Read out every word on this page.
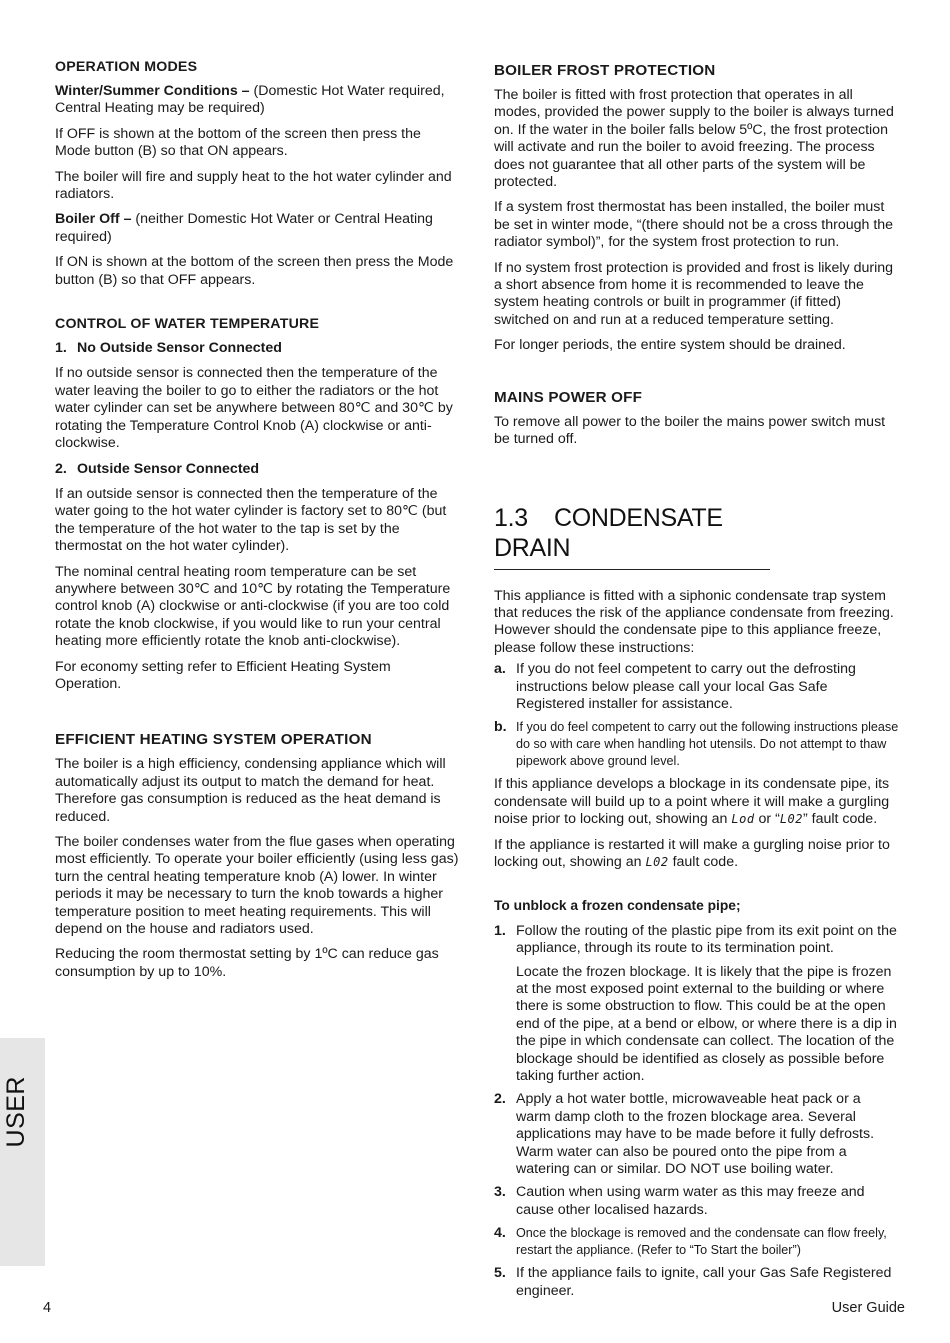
OPERATION MODES

Winter/Summer Conditions – (Domestic Hot Water required, Central Heating may be required)

If OFF is shown at the bottom of the screen then press the Mode button (B) so that ON appears.

The boiler will fire and supply heat to the hot water cylinder and radiators.

Boiler Off – (neither Domestic Hot Water or Central Heating required)

If ON is shown at the bottom of the screen then press the Mode button (B) so that OFF appears.

CONTROL OF WATER TEMPERATURE
1. No Outside Sensor Connected

If no outside sensor is connected then the temperature of the water leaving the boiler to go to either the radiators or the hot water cylinder can set be anywhere between 80℃ and 30℃ by rotating the Temperature Control Knob (A) clockwise or anti-clockwise.

2. Outside Sensor Connected

If an outside sensor is connected then the temperature of the water going to the hot water cylinder is factory set to 80℃ (but the temperature of the hot water to the tap is set by the thermostat on the hot water cylinder).

The nominal central heating room temperature can be set anywhere between 30℃ and 10℃ by rotating the Temperature control knob (A) clockwise or anti-clockwise (if you are too cold rotate the knob clockwise, if you would like to run your central heating more efficiently rotate the knob anti-clockwise).

For economy setting refer to Efficient Heating System Operation.

EFFICIENT HEATING SYSTEM OPERATION

The boiler is a high efficiency, condensing appliance which will automatically adjust its output to match the demand for heat. Therefore gas consumption is reduced as the heat demand is reduced.

The boiler condenses water from the flue gases when operating most efficiently. To operate your boiler efficiently (using less gas) turn the central heating temperature knob (A) lower. In winter periods it may be necessary to turn the knob towards a higher temperature position to meet heating requirements. This will depend on the house and radiators used.

Reducing the room thermostat setting by 1ºC can reduce gas consumption by up to 10%.

BOILER FROST PROTECTION

The boiler is fitted with frost protection that operates in all modes, provided the power supply to the boiler is always turned on. If the water in the boiler falls below 5ºC, the frost protection will activate and run the boiler to avoid freezing. The process does not guarantee that all other parts of the system will be protected.

If a system frost thermostat has been installed, the boiler must be set in winter mode, “(there should not be a cross through the radiator symbol)”, for the system frost protection to run.

If no system frost protection is provided and frost is likely during a short absence from home it is recommended to leave the system heating controls or built in programmer (if fitted) switched on and run at a reduced temperature setting.

For longer periods, the entire system should be drained.

MAINS POWER OFF

To remove all power to the boiler the mains power switch must be turned off.

1.3 CONDENSATE DRAIN

This appliance is fitted with a siphonic condensate trap system that reduces the risk of the appliance condensate from freezing. However should the condensate pipe to this appliance freeze, please follow these instructions:

a. If you do not feel competent to carry out the defrosting instructions below please call your local Gas Safe Registered installer for assistance.
b. If you do feel competent to carry out the following instructions please do so with care when handling hot utensils. Do not attempt to thaw pipework above ground level.

If this appliance develops a blockage in its condensate pipe, its condensate will build up to a point where it will make a gurgling noise prior to locking out, showing an Lod or “L02” fault code.

If the appliance is restarted it will make a gurgling noise prior to locking out, showing an L02 fault code.

To unblock a frozen condensate pipe;
1. Follow the routing of the plastic pipe from its exit point on the appliance, through its route to its termination point.
Locate the frozen blockage. It is likely that the pipe is frozen at the most exposed point external to the building or where there is some obstruction to flow. This could be at the open end of the pipe, at a bend or elbow, or where there is a dip in the pipe in which condensate can collect. The location of the blockage should be identified as closely as possible before taking further action.
2. Apply a hot water bottle, microwaveable heat pack or a warm damp cloth to the frozen blockage area. Several applications may have to be made before it fully defrosts. Warm water can also be poured onto the pipe from a watering can or similar. DO NOT use boiling water.
3. Caution when using warm water as this may freeze and cause other localised hazards.
4. Once the blockage is removed and the condensate can flow freely, restart the appliance. (Refer to “To Start the boiler”)
5. If the appliance fails to ignite, call your Gas Safe Registered engineer.
USER
4	User Guide
